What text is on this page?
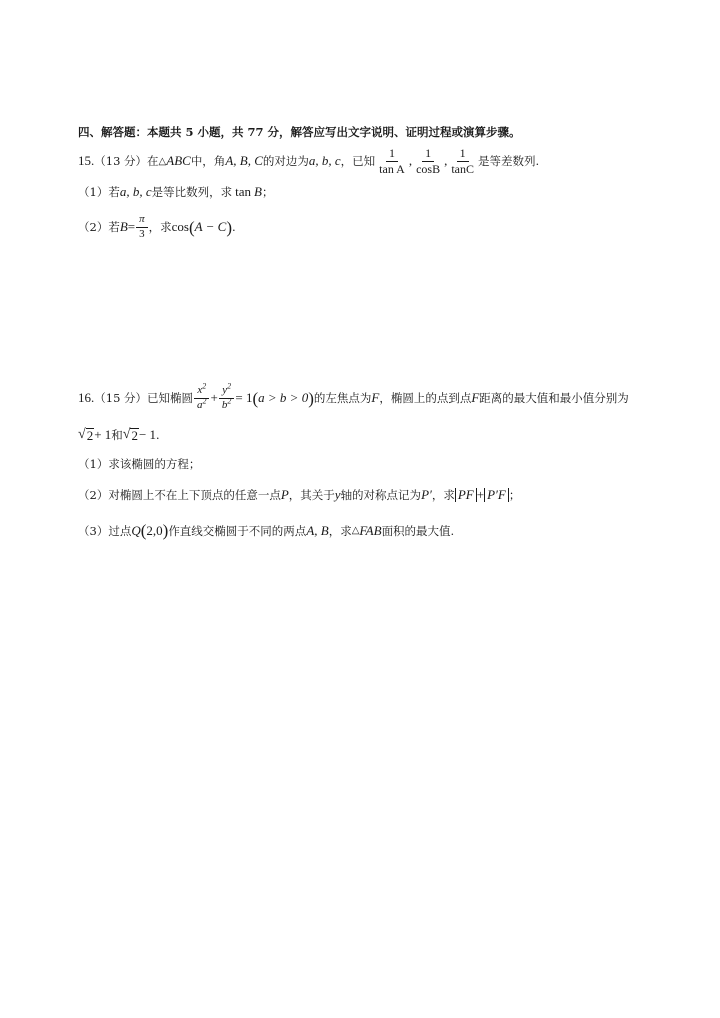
四、解答题：本题共 5 小题，共 77 分，解答应写出文字说明、证明过程或演算步骤。
15. （13 分） 在 △ ABC 中，角 A, B, C 的对边为 a, b, c ，已知 $\frac{1}{\text{tan A}}$ , $\frac{1}{\cos B}$ , $\frac{1}{\tan C}$ 是等差数列.
（1）若 a, b, c 是等比数列，求 tan B ；
（2）若 $B = \frac{\pi}{3}$ ，求 cos ( A − C ) .
16. （15 分） 已知椭圆 $\frac{x^2}{a^2} + \frac{y^2}{b^2} = 1$ ( a > b > 0 ) 的左焦点为 F ，椭圆上的点到点 F 距离的最大值和最小值分别为
√ 2 + 1 和 √ 2 − 1 .
（1）求该椭圆的方程；
（2）对椭圆上不在上下顶点的任意一点 P ，其关于 y 轴的对称点记为 P′ ，求 PF + P′F ；
（3）过点 Q ( 2,0 ) 作直线交椭圆于不同的两点 A, B ，求 △ FAB 面积的最大值.
